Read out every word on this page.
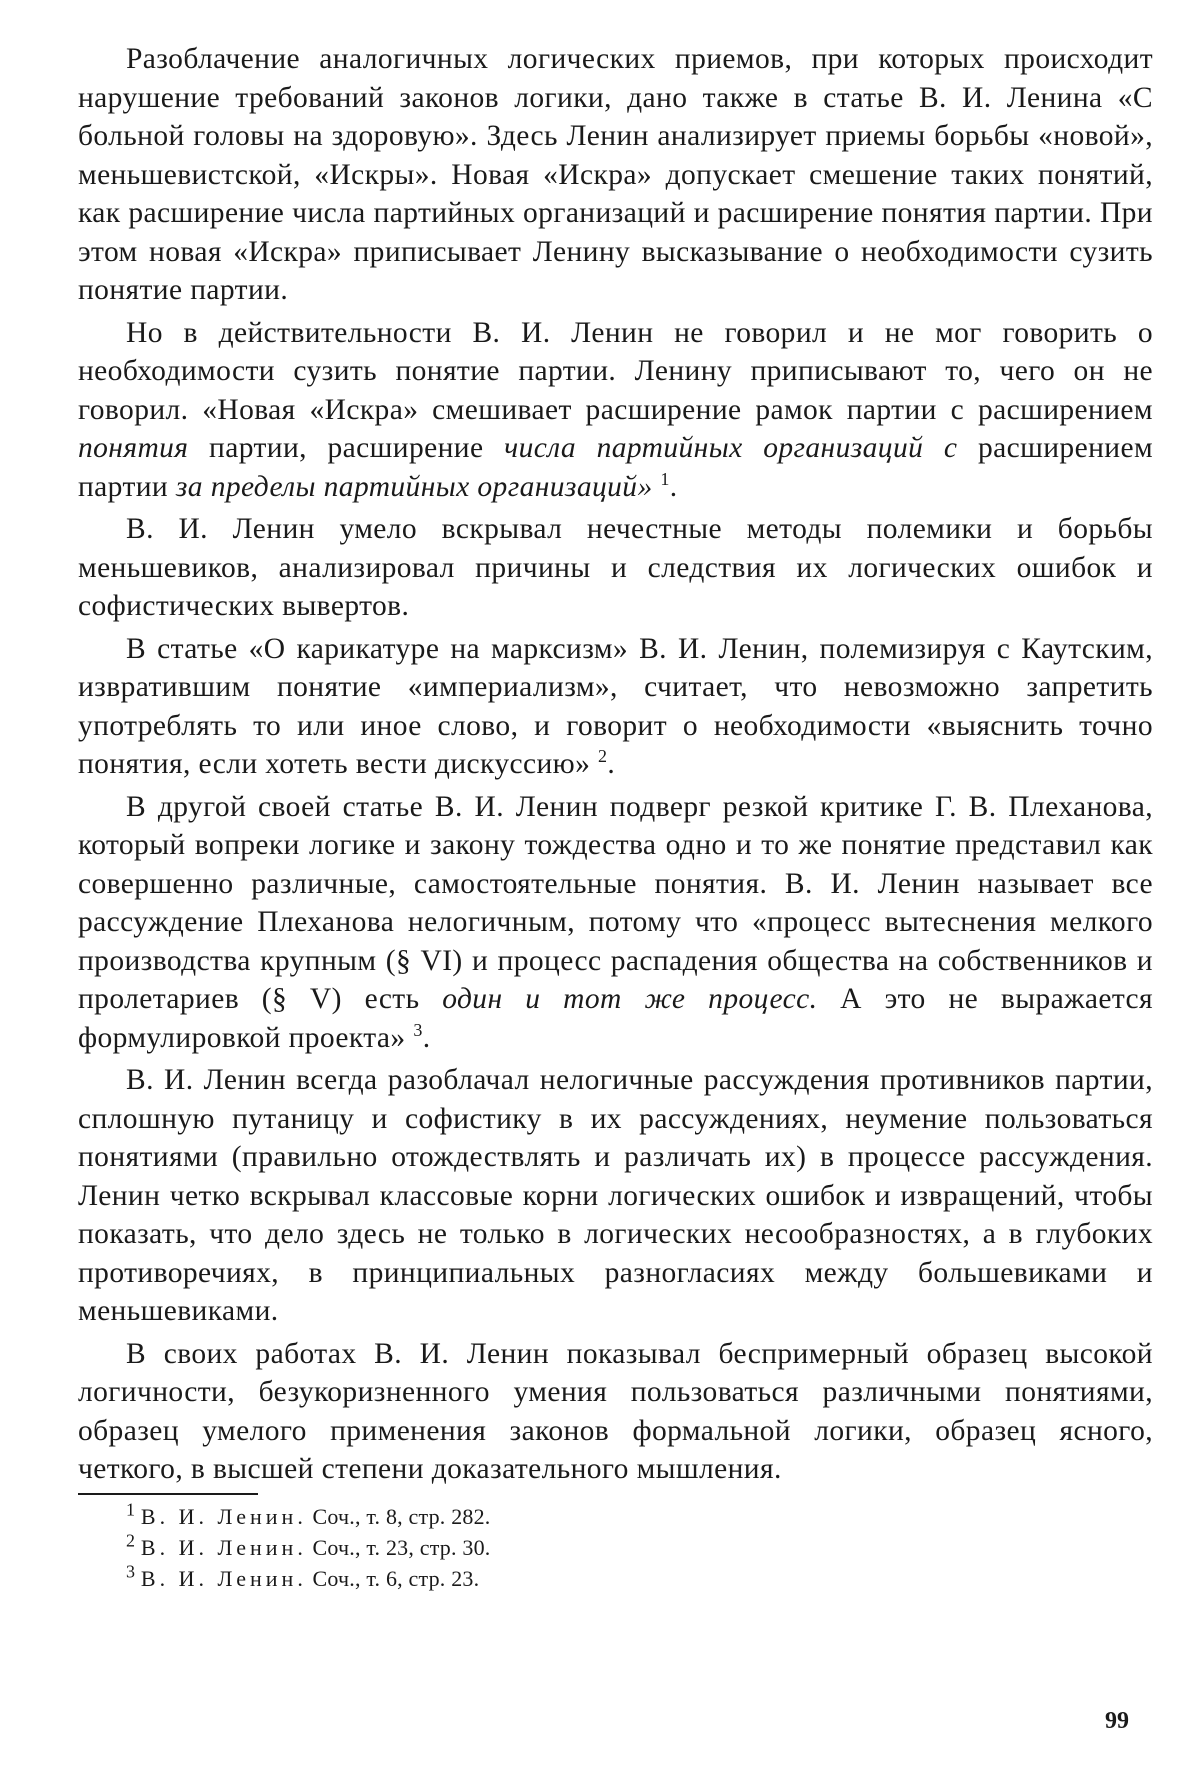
Разоблачение аналогичных логических приемов, при которых происходит нарушение требований законов логики, дано также в статье В. И. Ленина «С больной головы на здоровую». Здесь Ленин анализирует приемы борьбы «новой», меньшевистской, «Искры». Новая «Искра» допускает смешение таких понятий, как расширение числа партийных организаций и расширение понятия партии. При этом новая «Искра» приписывает Ленину высказывание о необходимости сузить понятие партии.

Но в действительности В. И. Ленин не говорил и не мог говорить о необходимости сузить понятие партии. Ленину приписывают то, чего он не говорил. «Новая «Искра» смешивает расширение рамок партии с расширением понятия партии, расширение числа партийных организаций с расширением партии за пределы партийных организаций» $^1$.

В. И. Ленин умело вскрывал нечестные методы полемики и борьбы меньшевиков, анализировал причины и следствия их логических ошибок и софистических вывертов.

В статье «О карикатуре на марксизм» В. И. Ленин, полемизируя с Каутским, извратившим понятие «империализм», считает, что невозможно запретить употреблять то или иное слово, и говорит о необходимости «выяснить точно понятия, если хотеть вести дискуссию» $^2$.

В другой своей статье В. И. Ленин подверг резкой критике Г. В. Плеханова, который вопреки логике и закону тождества одно и то же понятие представил как совершенно различные, самостоятельные понятия. В. И. Ленин называет все рассуждение Плеханова нелогичным, потому что «процесс вытеснения мелкого производства крупным (§ VI) и процесс распадения общества на собственников и пролетариев (§ V) есть один и тот же процесс. А это не выражается формулировкой проекта» $^3$.

В. И. Ленин всегда разоблачал нелогичные рассуждения противников партии, сплошную путаницу и софистику в их рассуждениях, неумение пользоваться понятиями (правильно отождествлять и различать их) в процессе рассуждения. Ленин четко вскрывал классовые корни логических ошибок и извращений, чтобы показать, что дело здесь не только в логических несообразностях, а в глубоких противоречиях, в принципиальных разногласиях между большевиками и меньшевиками.

В своих работах В. И. Ленин показывал беспримерный образец высокой логичности, безукоризненного умения пользоваться различными понятиями, образец умелого применения законов формальной логики, образец ясного, четкого, в высшей степени доказательного мышления.

$^1$ В. И. Ленин. Соч., т. 8, стр. 282.

$^2$ В. И. Ленин. Соч., т. 23, стр. 30.

$^3$ В. И. Ленин. Соч., т. 6, стр. 23.

99
